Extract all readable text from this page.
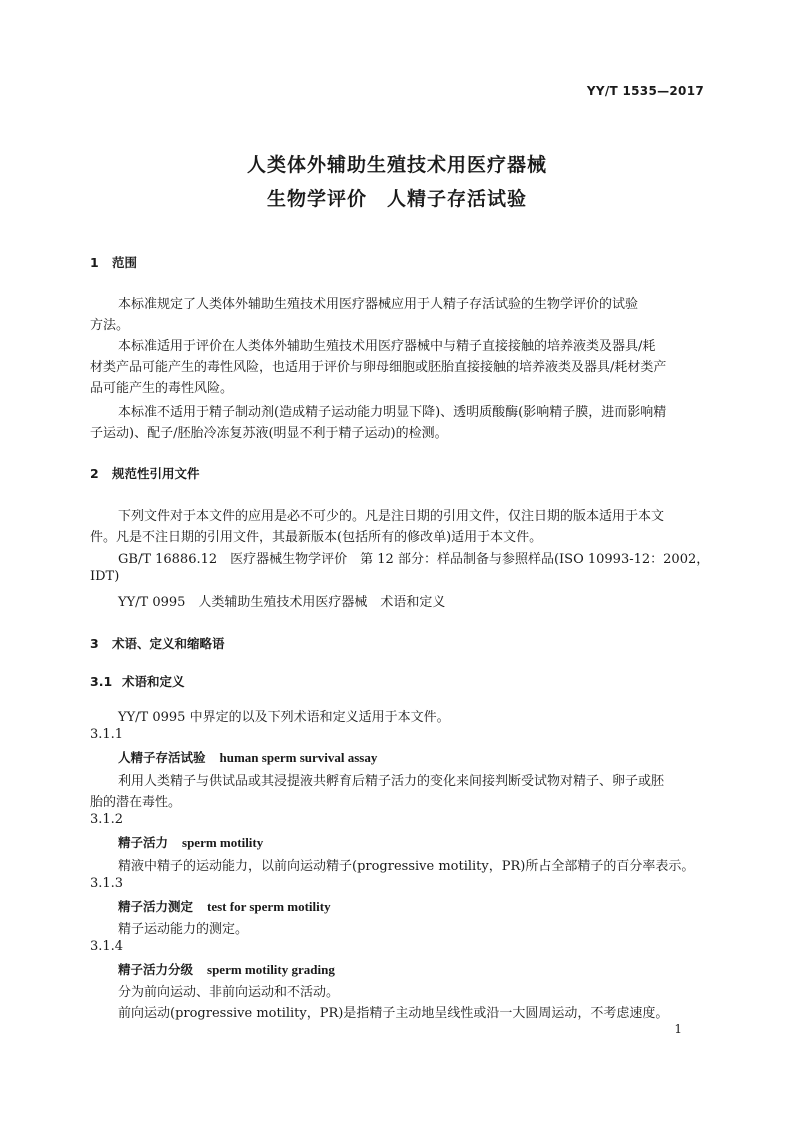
YY/T 1535—2017
人类体外辅助生殖技术用医疗器械
生物学评价　人精子存活试验
1 范围
本标准规定了人类体外辅助生殖技术用医疗器械应用于人精子存活试验的生物学评价的试验
方法。
本标准适用于评价在人类体外辅助生殖技术用医疗器械中与精子直接接触的培养液类及器具/耗
材类产品可能产生的毒性风险，也适用于评价与卵母细胞或胚胎直接接触的培养液类及器具/耗材类产
品可能产生的毒性风险。
本标准不适用于精子制动剂(造成精子运动能力明显下降)、透明质酸酶(影响精子膜，进而影响精
子运动)、配子/胚胎冷冻复苏液(明显不利于精子运动)的检测。
2 规范性引用文件
下列文件对于本文件的应用是必不可少的。凡是注日期的引用文件，仅注日期的版本适用于本文
件。凡是不注日期的引用文件，其最新版本(包括所有的修改单)适用于本文件。
GB/T 16886.12　医疗器械生物学评价　第 12 部分：样品制备与参照样品(ISO 10993-12：2002，
IDT)
YY/T 0995　人类辅助生殖技术用医疗器械　术语和定义
3 术语、定义和缩略语
3.1 术语和定义
YY/T 0995 中界定的以及下列术语和定义适用于本文件。
3.1.1
人精子存活试验 human sperm survival assay
利用人类精子与供试品或其浸提液共孵育后精子活力的变化来间接判断受试物对精子、卵子或胚
胎的潜在毒性。
3.1.2
精子活力 sperm motility
精液中精子的运动能力，以前向运动精子(progressive motility，PR)所占全部精子的百分率表示。
3.1.3
精子活力测定 test for sperm motility
精子运动能力的测定。
3.1.4
精子活力分级 sperm motility grading
分为前向运动、非前向运动和不活动。
前向运动(progressive motility，PR)是指精子主动地呈线性或沿一大圆周运动，不考虑速度。
1
